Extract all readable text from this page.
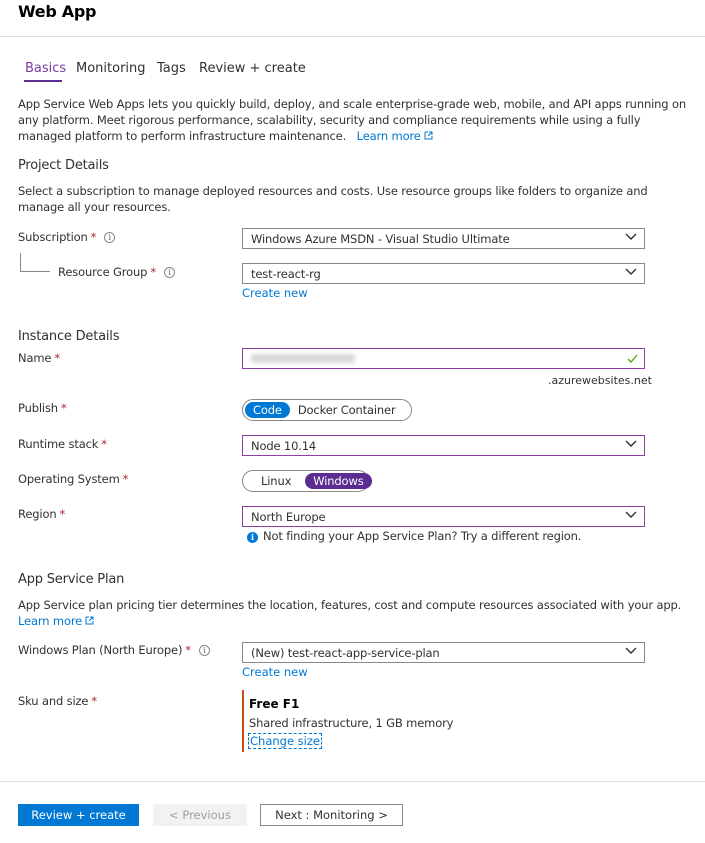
Web App
Basics Monitoring Tags Review + create
App Service Web Apps lets you quickly build, deploy, and scale enterprise-grade web, mobile, and API apps running on
any platform. Meet rigorous performance, scalability, security and compliance requirements while using a fully
managed platform to perform infrastructure maintenance. Learn more
Project Details
Select a subscription to manage deployed resources and costs. Use resource groups like folders to organize and
manage all your resources.
Subscription * i	Windows Azure MSDN - Visual Studio Ultimate
Resource Group * i	test-react-rg
Create new
Instance Details
Name *
.azurewebsites.net
Publish *	Code	Docker Container
Runtime stack *	Node 10.14
Operating System *	Linux	Windows
Region *	North Europe
i Not finding your App Service Plan? Try a different region.
App Service Plan
App Service plan pricing tier determines the location, features, cost and compute resources associated with your app.
Learn more
Windows Plan (North Europe) * i	(New) test-react-app-service-plan
Create new
Sku and size *	Free F1
Shared infrastructure, 1 GB memory
Change size
Review + create	< Previous	Next : Monitoring >
